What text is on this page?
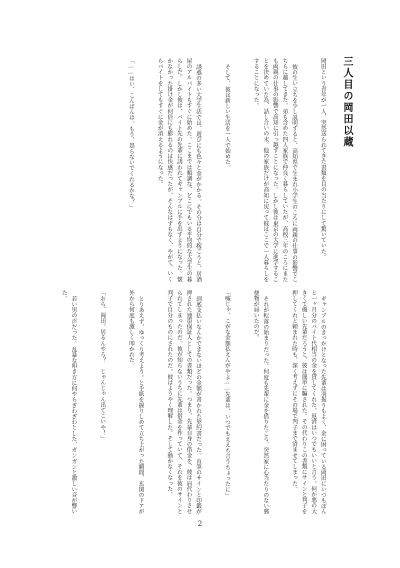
三人目の岡田以蔵

岡田という青年が一人、突然送られてきた書類を目の当たりにして驚いていた。

彼の生い立ちを少し説明すると、高知県で生まれ小学生のころに両親の仕事の影響でこちらに越してきた。弟も含めた四人家族で仲良く暮らしていたが、高校三年のころにまたも両親の仕事の影響で高知に引っ越すことになった。しかし彼は東京の大学に進学することを決めていた為、話し合いの末、他の家族だけが高知に戻って彼はここで一人暮らしをすることになった。

そして、彼は新しい生活を一人で始めた。

誘惑の多い大学生活では、遊びにも色々と金がかかる。その分は自分で稼ごうと、居酒屋のアルバイトもすぐに始めた。ここまでは順調な、どこにでもいる平均的な大学生の暮らしだ。しかし彼は、バイト先の先輩に誘われてギャンブルに手を出すようになった。懐かなかった掛け金が何倍にも膨れるのは快感だったが、そんなはずもなく、やがて、いくらバイトをしてもすぐに金が消えるようになった。

「……はい、こんばんは。もう、怒らないでくれるかな？」

ギャンブルのきっかけとなった先輩は羽振りもよく、金に困っている岡田にいつもぽんと一ヶ月分のバイト代相当の金を貸してくれた。返済はいつでもいいと言う。何か悪の大きくて優しい先輩だろうと、彼は簡単に騙された。その代わりこの書類にサインと判子を押してくれと頼まれた時も、深く考えずにその場で判子まで済ませてしまった。

それが転落の始まりだった。何度も先輩に金を借りたころ、突然家に心当たりのない郵便物が届いたのだ。

「嘘じゃ、こがな金額払えんがやよ……先輩は、いつでもええち言うちょったに」

到底支払いなんかできないほどの金額が書かれた契約書だった。直筆のサインと印鑑が押された連帯保証人としての書類だった。つまり、先輩自身の借金を、彼は肩代わりさせられてしまったのだ。彼が知らないうちに先輩は借金を作っていて、それを彼のサインと判子で自分のものにされたのだ。彼はようやく理解した。そして動かなくなった。

とりあえず、ゆっくり考えよう。と手紙を握りしめて立ち上がった瞬間、玄関のドアが外から何度も激しく叩かれた。

「おら、岡田。居るんやろ？　じゃんじゃん出てこいや！」

若い男の声だった。乱暴な叩き方に何やらざわざわとした、ガンガンと激しい音が響いた。

2
